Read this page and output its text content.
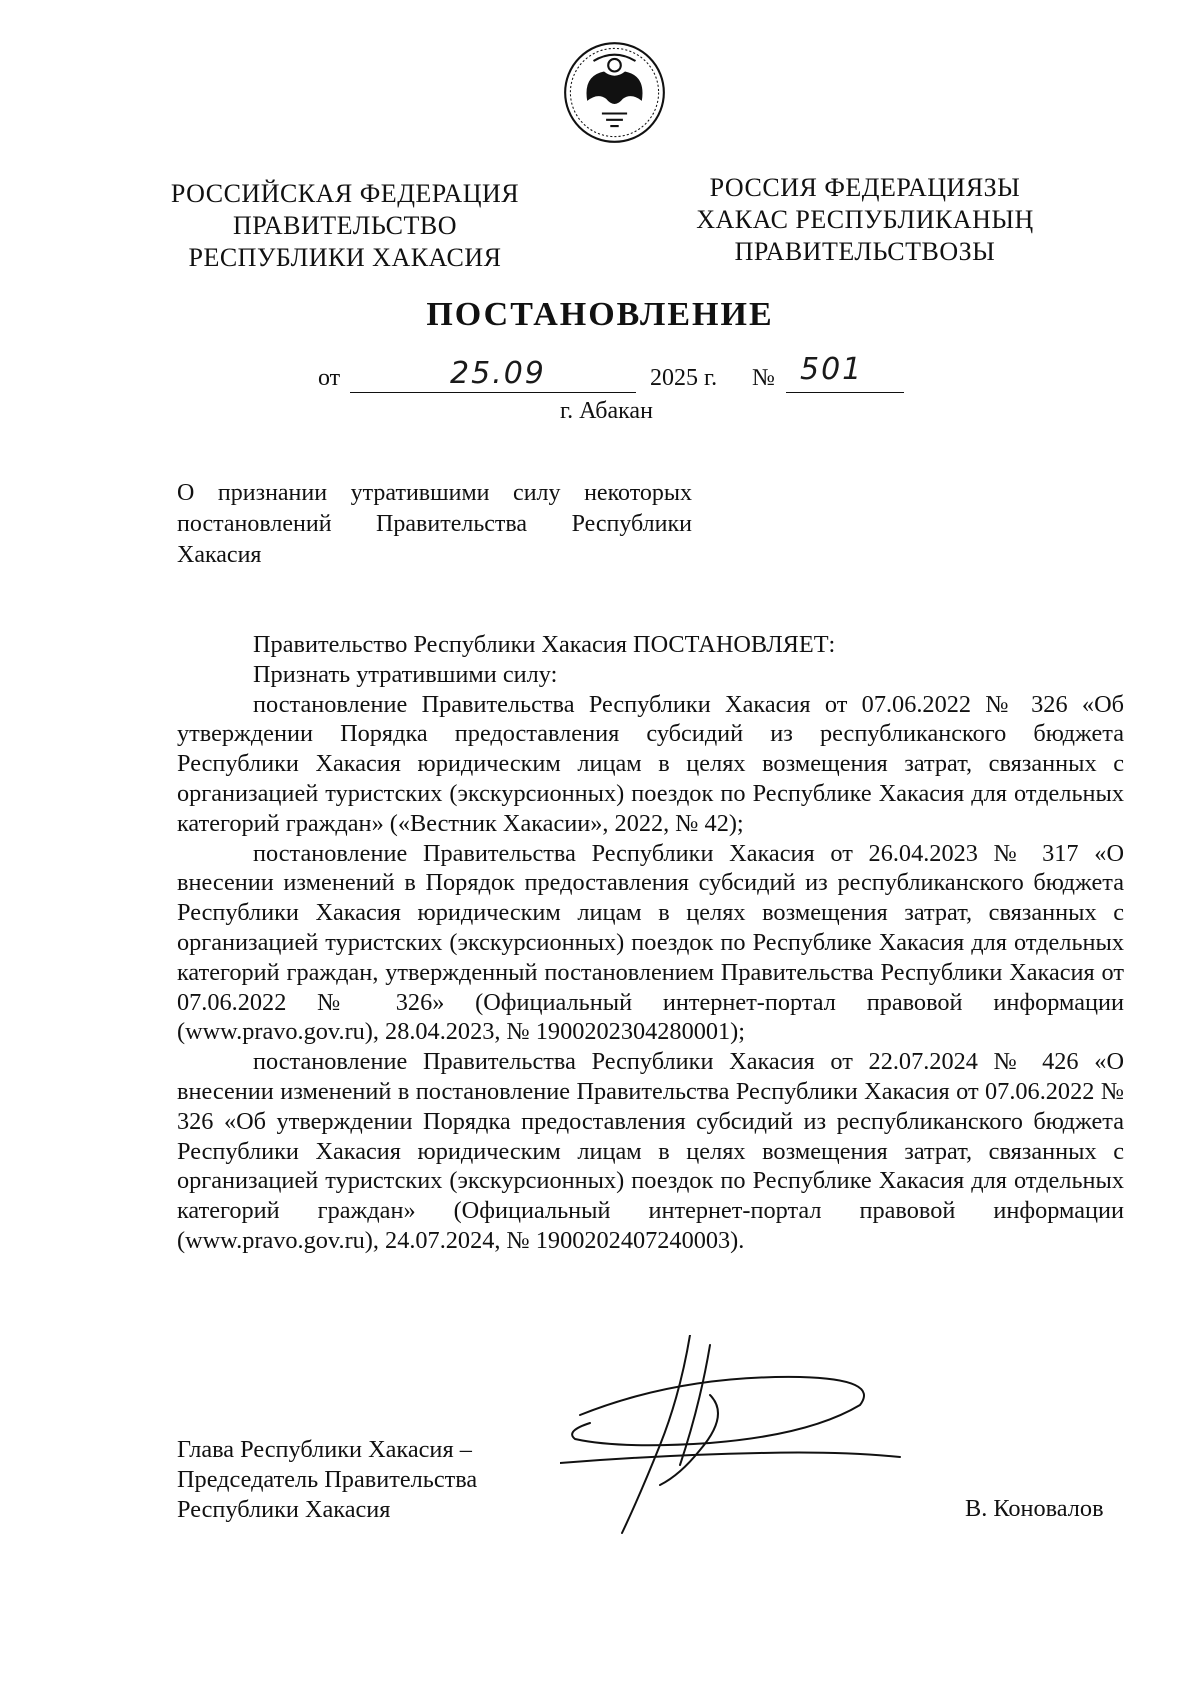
РОССИЙСКАЯ ФЕДЕРАЦИЯ
ПРАВИТЕЛЬСТВО
РЕСПУБЛИКИ ХАКАСИЯ
РОССИЯ ФЕДЕРАЦИЯЗЫ
ХАКАС РЕСПУБЛИКАНЫҢ
ПРАВИТЕЛЬСТВОЗЫ
ПОСТАНОВЛЕНИЕ
от	25.09	2025 г. № 501
г. Абакан
О признании утратившими силу некоторых постановлений Правительства Республики Хакасия

Правительство Республики Хакасия ПОСТАНОВЛЯЕТ:

Признать утратившими силу:

постановление Правительства Республики Хакасия от 07.06.2022 № 326 «Об утверждении Порядка предоставления субсидий из республиканского бюджета Республики Хакасия юридическим лицам в целях возмещения затрат, связанных с организацией туристских (экскурсионных) поездок по Республике Хакасия для отдельных категорий граждан» («Вестник Хакасии», 2022, № 42);

постановление Правительства Республики Хакасия от 26.04.2023 № 317 «О внесении изменений в Порядок предоставления субсидий из республиканского бюджета Республики Хакасия юридическим лицам в целях возмещения затрат, связанных с организацией туристских (экскурсионных) поездок по Республике Хакасия для отдельных категорий граждан, утвержденный постановлением Правительства Республики Хакасия от 07.06.2022 № 326» (Официальный интернет-портал правовой информации (www.pravo.gov.ru), 28.04.2023, № 1900202304280001);

постановление Правительства Республики Хакасия от 22.07.2024 № 426 «О внесении изменений в постановление Правительства Республики Хакасия от 07.06.2022 № 326 «Об утверждении Порядка предоставления субсидий из республиканского бюджета Республики Хакасия юридическим лицам в целях возмещения затрат, связанных с организацией туристских (экскурсионных) поездок по Республике Хакасия для отдельных категорий граждан» (Официальный интернет-портал правовой информации (www.pravo.gov.ru), 24.07.2024, № 1900202407240003).

Глава Республики Хакасия –
Председатель Правительства
Республики Хакасия	В. Коновалов
